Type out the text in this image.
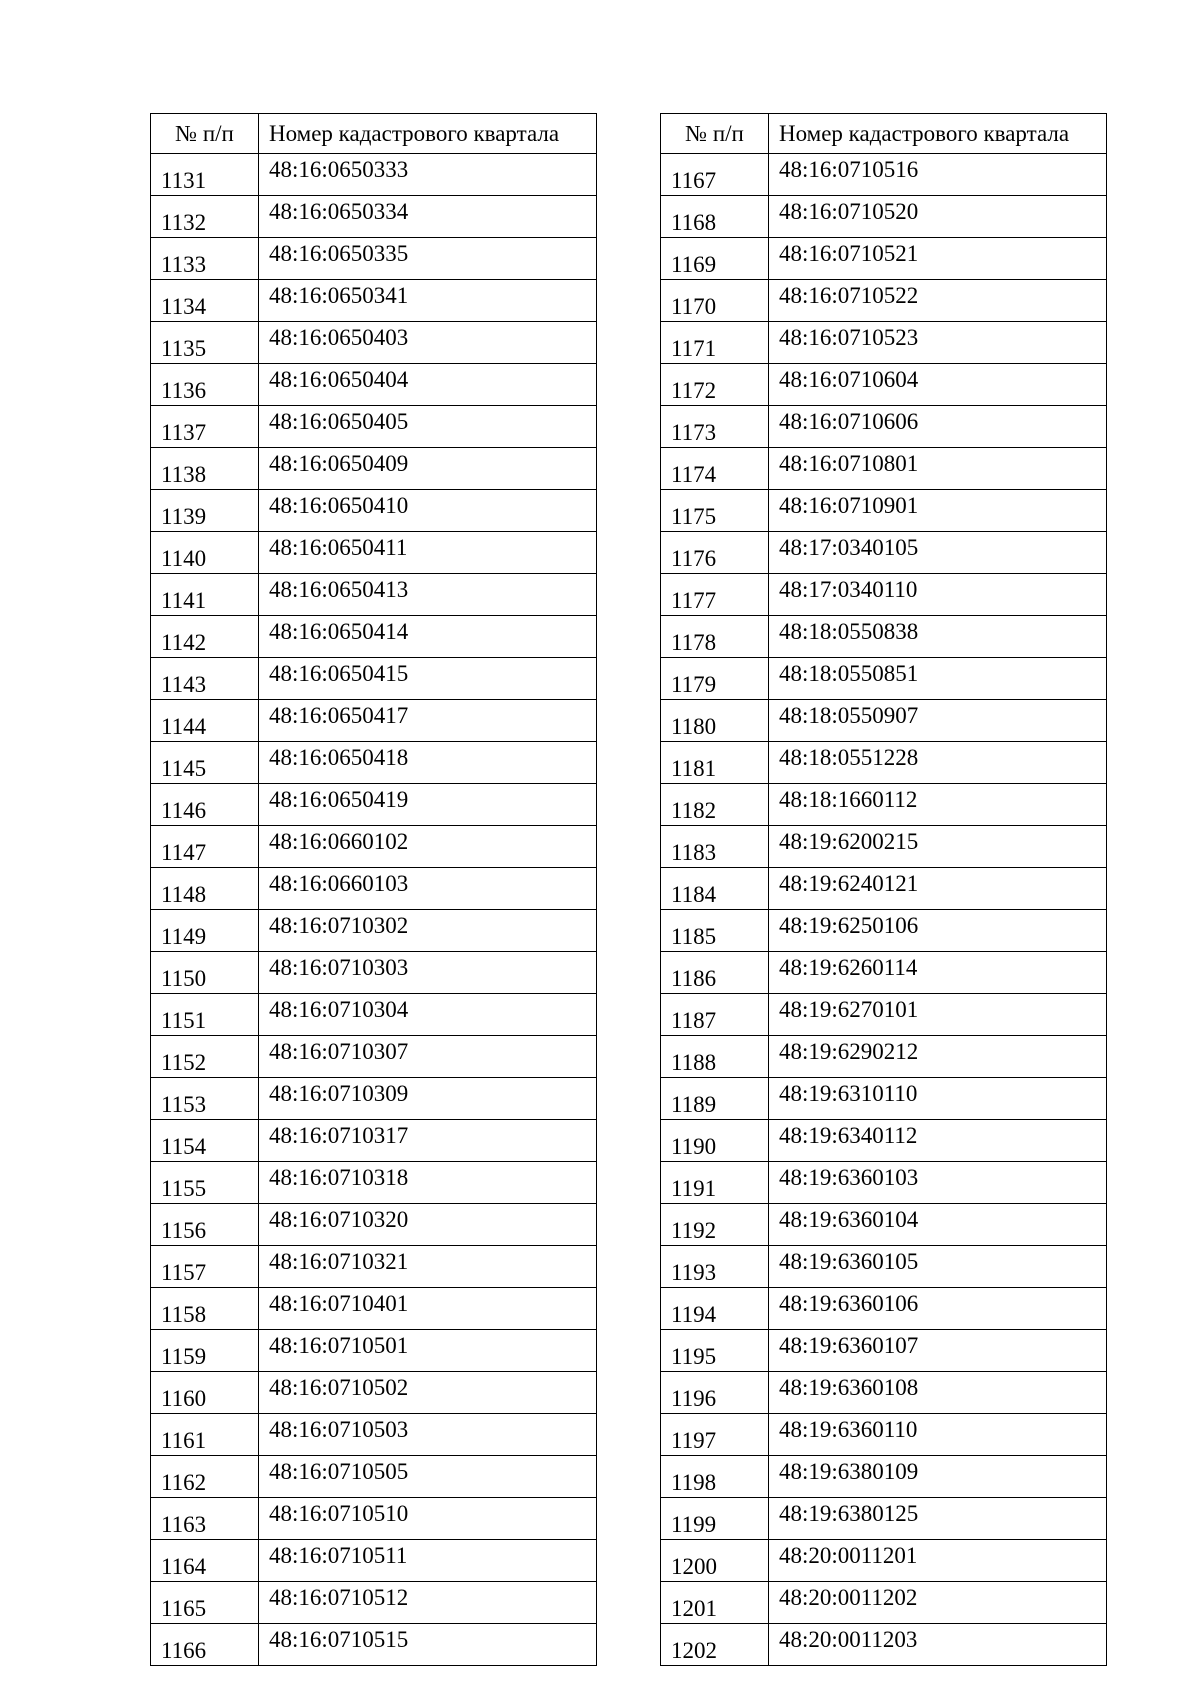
№ п/п	Номер кадастрового квартала
1131	48:16:0650333
1132	48:16:0650334
1133	48:16:0650335
1134	48:16:0650341
1135	48:16:0650403
1136	48:16:0650404
1137	48:16:0650405
1138	48:16:0650409
1139	48:16:0650410
1140	48:16:0650411
1141	48:16:0650413
1142	48:16:0650414
1143	48:16:0650415
1144	48:16:0650417
1145	48:16:0650418
1146	48:16:0650419
1147	48:16:0660102
1148	48:16:0660103
1149	48:16:0710302
1150	48:16:0710303
1151	48:16:0710304
1152	48:16:0710307
1153	48:16:0710309
1154	48:16:0710317
1155	48:16:0710318
1156	48:16:0710320
1157	48:16:0710321
1158	48:16:0710401
1159	48:16:0710501
1160	48:16:0710502
1161	48:16:0710503
1162	48:16:0710505
1163	48:16:0710510
1164	48:16:0710511
1165	48:16:0710512
1166	48:16:0710515
№ п/п	Номер кадастрового квартала
1167	48:16:0710516
1168	48:16:0710520
1169	48:16:0710521
1170	48:16:0710522
1171	48:16:0710523
1172	48:16:0710604
1173	48:16:0710606
1174	48:16:0710801
1175	48:16:0710901
1176	48:17:0340105
1177	48:17:0340110
1178	48:18:0550838
1179	48:18:0550851
1180	48:18:0550907
1181	48:18:0551228
1182	48:18:1660112
1183	48:19:6200215
1184	48:19:6240121
1185	48:19:6250106
1186	48:19:6260114
1187	48:19:6270101
1188	48:19:6290212
1189	48:19:6310110
1190	48:19:6340112
1191	48:19:6360103
1192	48:19:6360104
1193	48:19:6360105
1194	48:19:6360106
1195	48:19:6360107
1196	48:19:6360108
1197	48:19:6360110
1198	48:19:6380109
1199	48:19:6380125
1200	48:20:0011201
1201	48:20:0011202
1202	48:20:0011203
